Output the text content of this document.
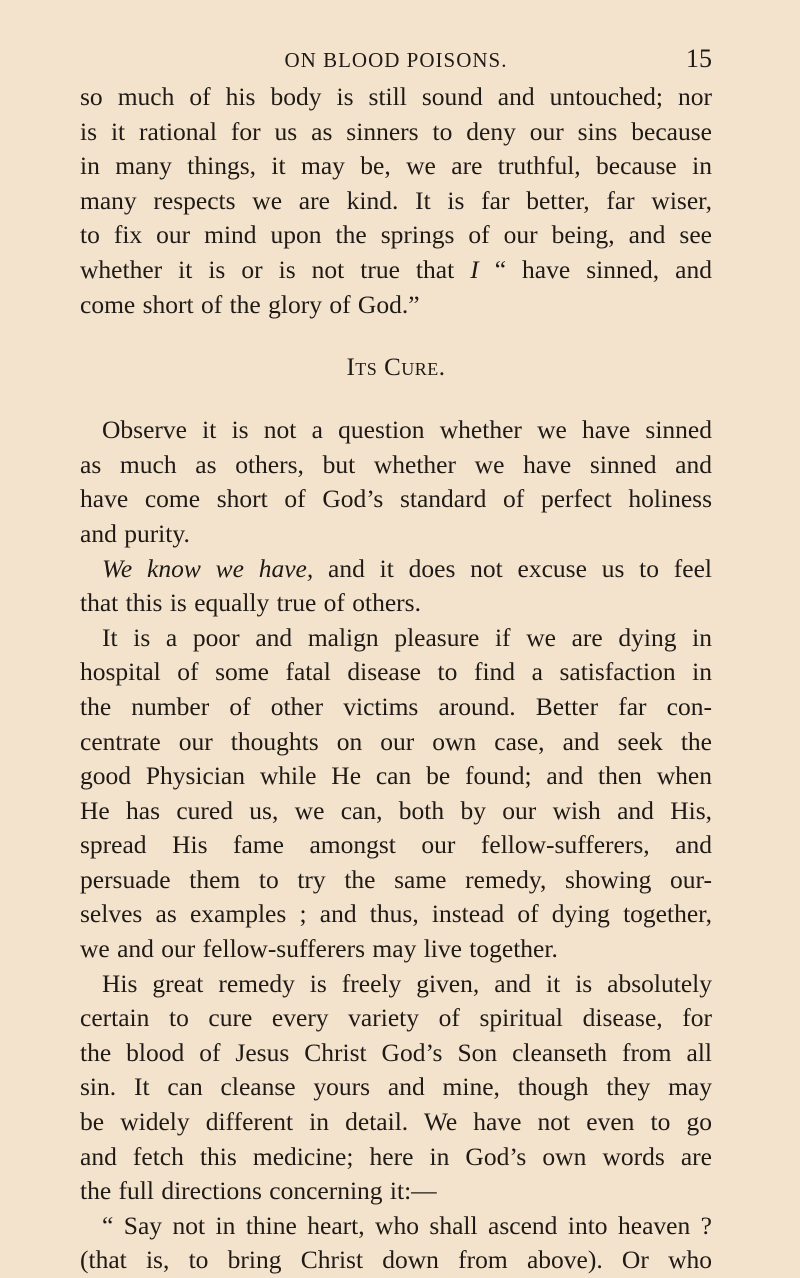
ON BLOOD POISONS.	15
so much of his body is still sound and untouched; nor
is it rational for us as sinners to deny our sins because
in many things, it may be, we are truthful, because in
many respects we are kind. It is far better, far wiser,
to fix our mind upon the springs of our being, and see
whether it is or is not true that I “ have sinned, and
come short of the glory of God.”
Its Cure.
Observe it is not a question whether we have sinned
as much as others, but whether we have sinned and
have come short of God’s standard of perfect holiness
and purity.
We know we have, and it does not excuse us to feel
that this is equally true of others.
It is a poor and malign pleasure if we are dying in
hospital of some fatal disease to find a satisfaction in
the number of other victims around. Better far con-
centrate our thoughts on our own case, and seek the
good Physician while He can be found; and then when
He has cured us, we can, both by our wish and His,
spread His fame amongst our fellow-sufferers, and
persuade them to try the same remedy, showing our-
selves as examples ; and thus, instead of dying together,
we and our fellow-sufferers may live together.
His great remedy is freely given, and it is absolutely
certain to cure every variety of spiritual disease, for
the blood of Jesus Christ God’s Son cleanseth from all
sin. It can cleanse yours and mine, though they may
be widely different in detail. We have not even to go
and fetch this medicine; here in God’s own words are
the full directions concerning it:—
“ Say not in thine heart, who shall ascend into heaven ?
(that is, to bring Christ down from above). Or who
